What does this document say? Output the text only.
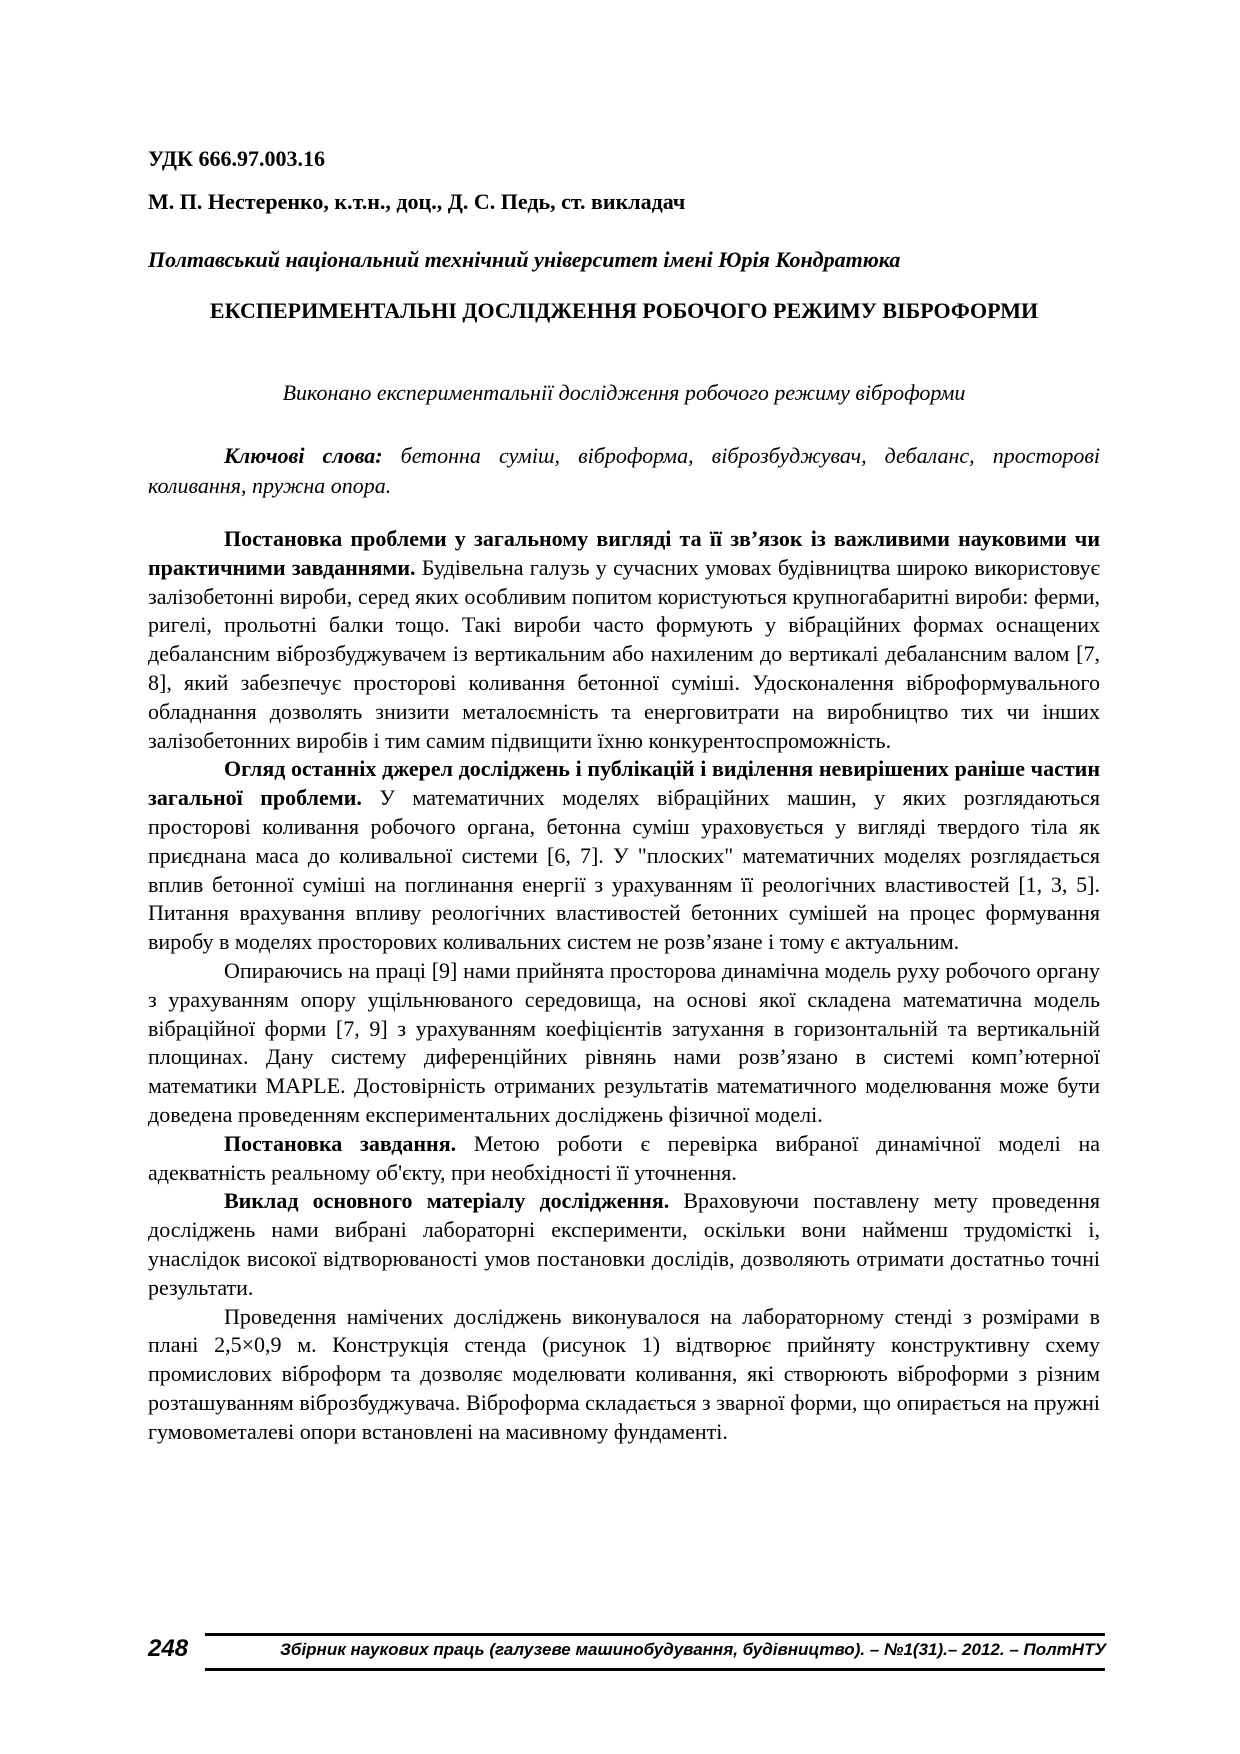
УДК 666.97.003.16
М. П. Нестеренко, к.т.н., доц., Д. С. Педь, ст. викладач
Полтавський національний технічний університет імені Юрія Кондратюка
ЕКСПЕРИМЕНТАЛЬНІ ДОСЛІДЖЕННЯ РОБОЧОГО РЕЖИМУ ВІБРОФОРМИ
Виконано експериментальнії дослідження робочого режиму віброформи
Ключові слова: бетонна суміш, віброформа, віброзбуджувач, дебаланс, просторові коливання, пружна опора.

Постановка проблеми у загальному вигляді та її зв’язок із важливими науковими чи практичними завданнями. Будівельна галузь у сучасних умовах будівництва широко використовує залізобетонні вироби, серед яких особливим попитом користуються крупногабаритні вироби: ферми, ригелі, прольотні балки тощо. Такі вироби часто формують у вібраційних формах оснащених дебалансним віброзбуджувачем із вертикальним або нахиленим до вертикалі дебалансним валом [7, 8], який забезпечує просторові коливання бетонної суміші. Удосконалення віброформувального обладнання дозволять знизити металоємність та енерговитрати на виробництво тих чи інших залізобетонних виробів і тим самим підвищити їхню конкурентоспроможність.

Огляд останніх джерел досліджень і публікацій і виділення невирішених раніше частин загальної проблеми. У математичних моделях вібраційних машин, у яких розглядаються просторові коливання робочого органа, бетонна суміш ураховується у вигляді твердого тіла як приєднана маса до коливальної системи [6, 7]. У "плоских" математичних моделях розглядається вплив бетонної суміші на поглинання енергії з урахуванням її реологічних властивостей [1, 3, 5]. Питання врахування впливу реологічних властивостей бетонних сумішей на процес формування виробу в моделях просторових коливальних систем не розв’язане і тому є актуальним.

Опираючись на праці [9] нами прийнята просторова динамічна модель руху робочого органу з урахуванням опору ущільнюваного середовища, на основі якої складена математична модель вібраційної форми [7, 9] з урахуванням коефіцієнтів затухання в горизонтальній та вертикальній площинах. Дану систему диференційних рівнянь нами розв’язано в системі комп’ютерної математики MAPLE. Достовірність отриманих результатів математичного моделювання може бути доведена проведенням експериментальних досліджень фізичної моделі.

Постановка завдання. Метою роботи є перевірка вибраної динамічної моделі на адекватність реальному об'єкту, при необхідності її уточнення.

Виклад основного матеріалу дослідження. Враховуючи поставлену мету проведення досліджень нами вибрані лабораторні експерименти, оскільки вони найменш трудомісткі і, унаслідок високої відтворюваності умов постановки дослідів, дозволяють отримати достатньо точні результати.

Проведення намічених досліджень виконувалося на лабораторному стенді з розмірами в плані 2,5×0,9 м. Конструкція стенда (рисунок 1) відтворює прийняту конструктивну схему промислових віброформ та дозволяє моделювати коливання, які створюють віброформи з різним розташуванням віброзбуджувача. Віброформа складається з зварної форми, що опирається на пружні гумовометалеві опори встановлені на масивному фундаменті.

248	Збірник наукових праць (галузеве машинобудування, будівництво). – №1(31).– 2012. – ПолтНТУ
